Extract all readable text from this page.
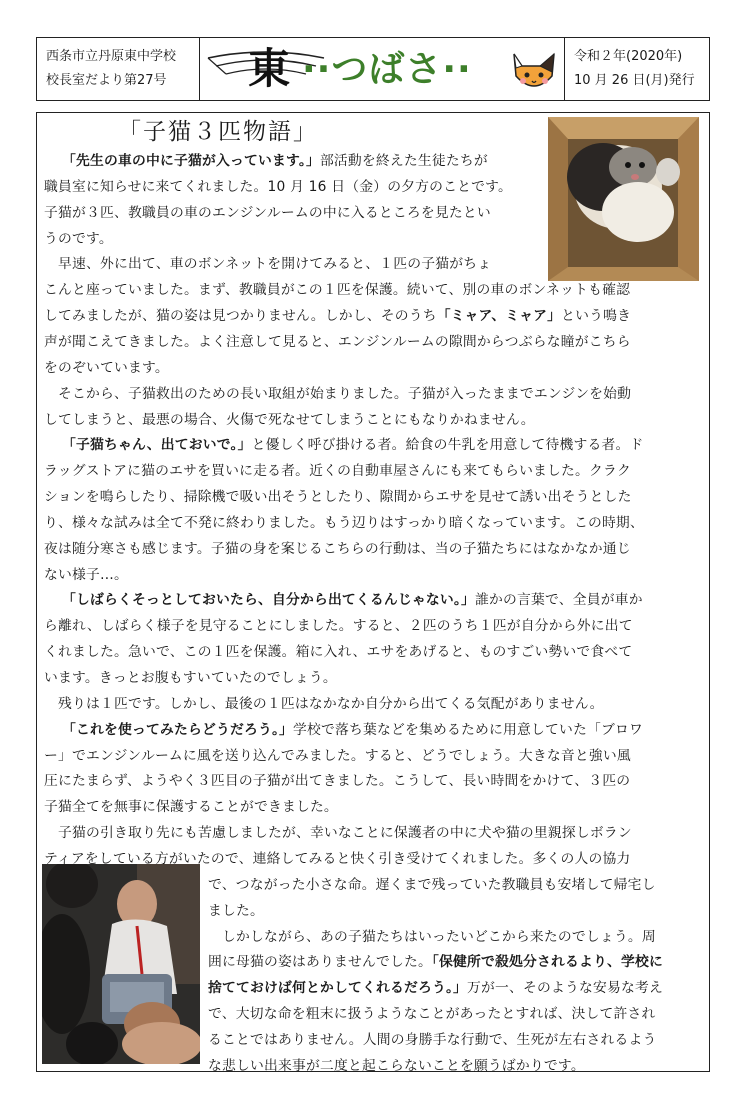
西条市立丹原東中学校
校長室だより第27号	東 ··つばさ··	令和２年(2020年)
10 月 26 日(月)発行
「子猫３匹物語」
「先生の車の中に子猫が入っています。」部活動を終えた生徒たちが
職員室に知らせに来てくれました。10 月 16 日（金）の夕方のことです。
子猫が３匹、教職員の車のエンジンルームの中に入るところを見たとい
うのです。
　早速、外に出て、車のボンネットを開けてみると、１匹の子猫がちょ
こんと座っていました。まず、教職員がこの１匹を保護。続いて、別の車のボンネットも確認
してみましたが、猫の姿は見つかりません。しかし、そのうち「ミャア、ミャア」という鳴き
声が聞こえてきました。よく注意して見ると、エンジンルームの隙間からつぶらな瞳がこちら
をのぞいています。
　そこから、子猫救出のための長い取組が始まりました。子猫が入ったままでエンジンを始動
してしまうと、最悪の場合、火傷で死なせてしまうことにもなりかねません。
「子猫ちゃん、出ておいで。」と優しく呼び掛ける者。給食の牛乳を用意して待機する者。ド
ラッグストアに猫のエサを買いに走る者。近くの自動車屋さんにも来てもらいました。クラク
ションを鳴らしたり、掃除機で吸い出そうとしたり、隙間からエサを見せて誘い出そうとした
り、様々な試みは全て不発に終わりました。もう辺りはすっかり暗くなっています。この時期、
夜は随分寒さも感じます。子猫の身を案じるこちらの行動は、当の子猫たちにはなかなか通じ
ない様子…。
「しばらくそっとしておいたら、自分から出てくるんじゃない。」誰かの言葉で、全員が車か
ら離れ、しばらく様子を見守ることにしました。すると、２匹のうち１匹が自分から外に出て
くれました。急いで、この１匹を保護。箱に入れ、エサをあげると、ものすごい勢いで食べて
います。きっとお腹もすいていたのでしょう。
　残りは１匹です。しかし、最後の１匹はなかなか自分から出てくる気配がありません。
「これを使ってみたらどうだろう。」学校で落ち葉などを集めるために用意していた「ブロワ
ー」でエンジンルームに風を送り込んでみました。すると、どうでしょう。大きな音と強い風
圧にたまらず、ようやく３匹目の子猫が出てきました。こうして、長い時間をかけて、３匹の
子猫全てを無事に保護することができました。
　子猫の引き取り先にも苦慮しましたが、幸いなことに保護者の中に犬や猫の里親探しボラン
ティアをしている方がいたので、連絡してみると快く引き受けてくれました。多くの人の協力
で、つながった小さな命。遅くまで残っていた教職員も安堵して帰宅し
ました。
　しかしながら、あの子猫たちはいったいどこから来たのでしょう。周
囲に母猫の姿はありませんでした。「保健所で殺処分されるより、学校に
捨てておけば何とかしてくれるだろう。」万が一、そのような安易な考え
で、大切な命を粗末に扱うようなことがあったとすれば、決して許され
ることではありません。人間の身勝手な行動で、生死が左右されるよう
な悲しい出来事が二度と起こらないことを願うばかりです。
